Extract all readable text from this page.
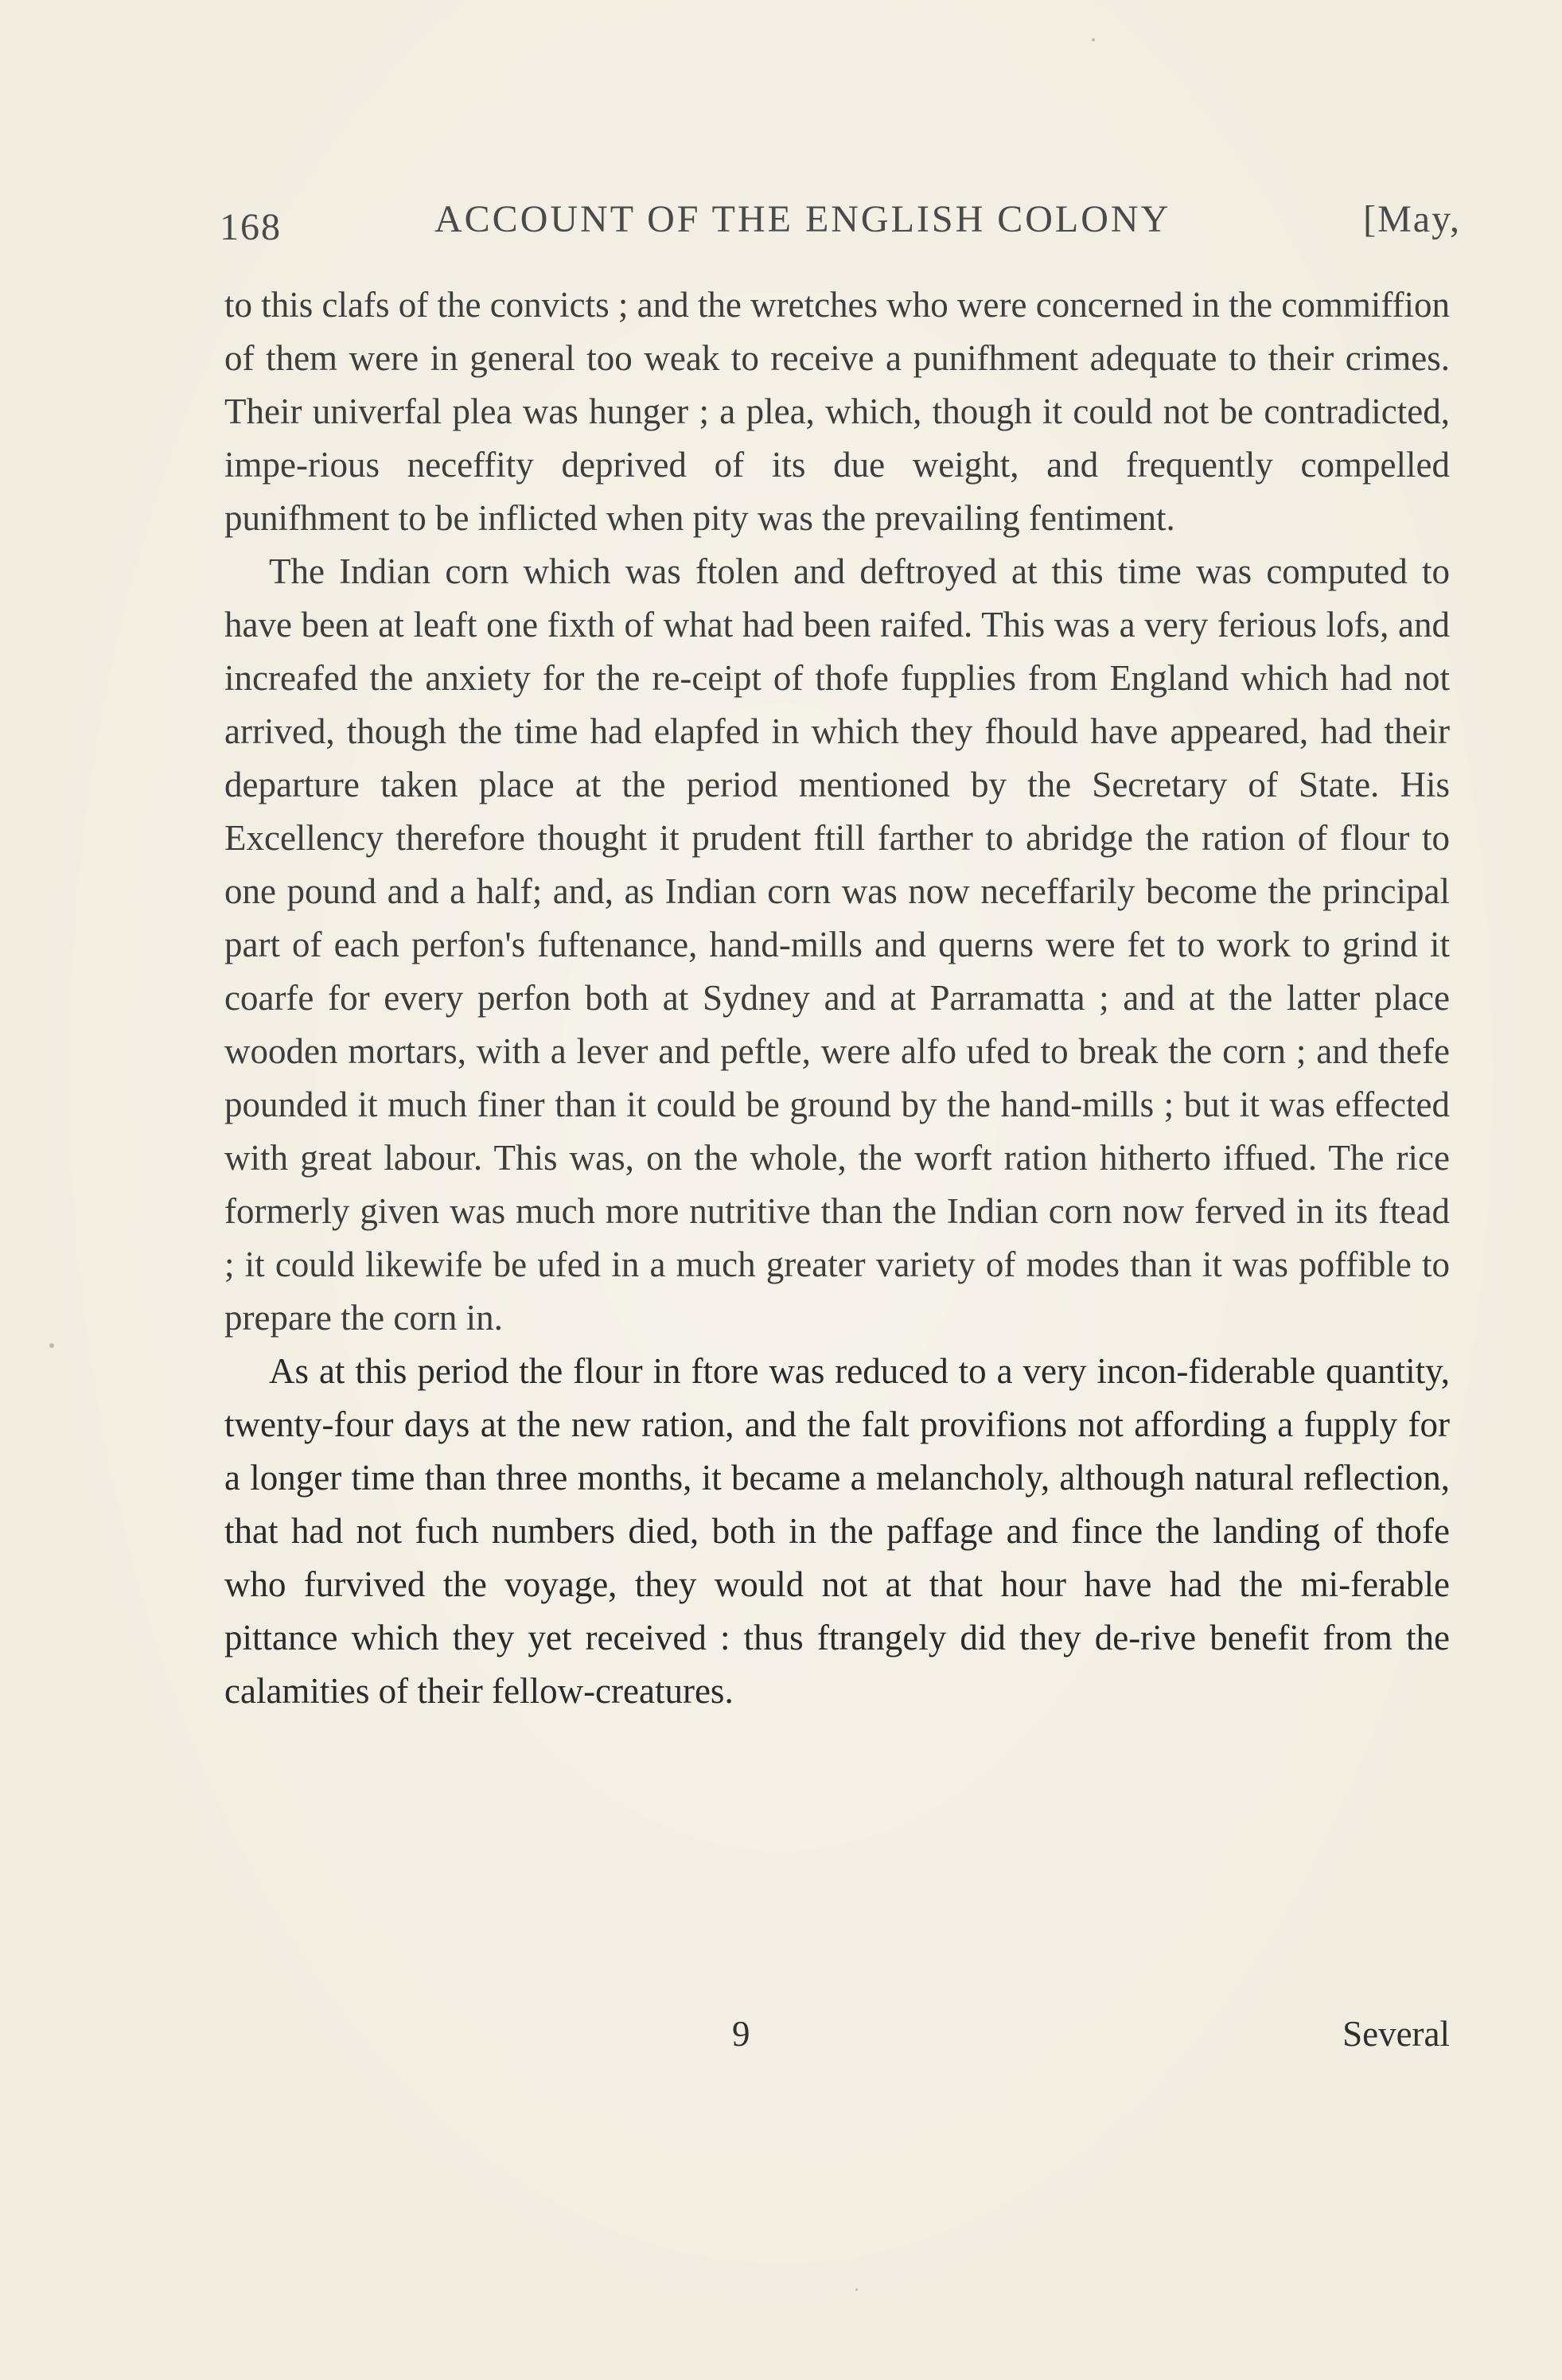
168	ACCOUNT OF THE ENGLISH COLONY	[May,

to this clafs of the convicts ; and the wretches who were concerned in the commiffion of them were in general too weak to receive a punifhment adequate to their crimes. Their univerfal plea was hunger ; a plea, which, though it could not be contradicted, impe-rious neceffity deprived of its due weight, and frequently compelled punifhment to be inflicted when pity was the prevailing fentiment.

The Indian corn which was ftolen and deftroyed at this time was computed to have been at leaft one fixth of what had been raifed. This was a very ferious lofs, and increafed the anxiety for the re-ceipt of thofe fupplies from England which had not arrived, though the time had elapfed in which they fhould have appeared, had their departure taken place at the period mentioned by the Secretary of State. His Excellency therefore thought it prudent ftill farther to abridge the ration of flour to one pound and a half; and, as Indian corn was now neceffarily become the principal part of each perfon's fuftenance, hand-mills and querns were fet to work to grind it coarfe for every perfon both at Sydney and at Parramatta ; and at the latter place wooden mortars, with a lever and peftle, were alfo ufed to break the corn ; and thefe pounded it much finer than it could be ground by the hand-mills ; but it was effected with great labour. This was, on the whole, the worft ration hitherto iffued. The rice formerly given was much more nutritive than the Indian corn now ferved in its ftead ; it could likewife be ufed in a much greater variety of modes than it was poffible to prepare the corn in.

As at this period the flour in ftore was reduced to a very incon-fiderable quantity, twenty-four days at the new ration, and the falt provifions not affording a fupply for a longer time than three months, it became a melancholy, although natural reflection, that had not fuch numbers died, both in the paffage and fince the landing of thofe who furvived the voyage, they would not at that hour have had the mi-ferable pittance which they yet received : thus ftrangely did they de-rive benefit from the calamities of their fellow-creatures.

9	Several
